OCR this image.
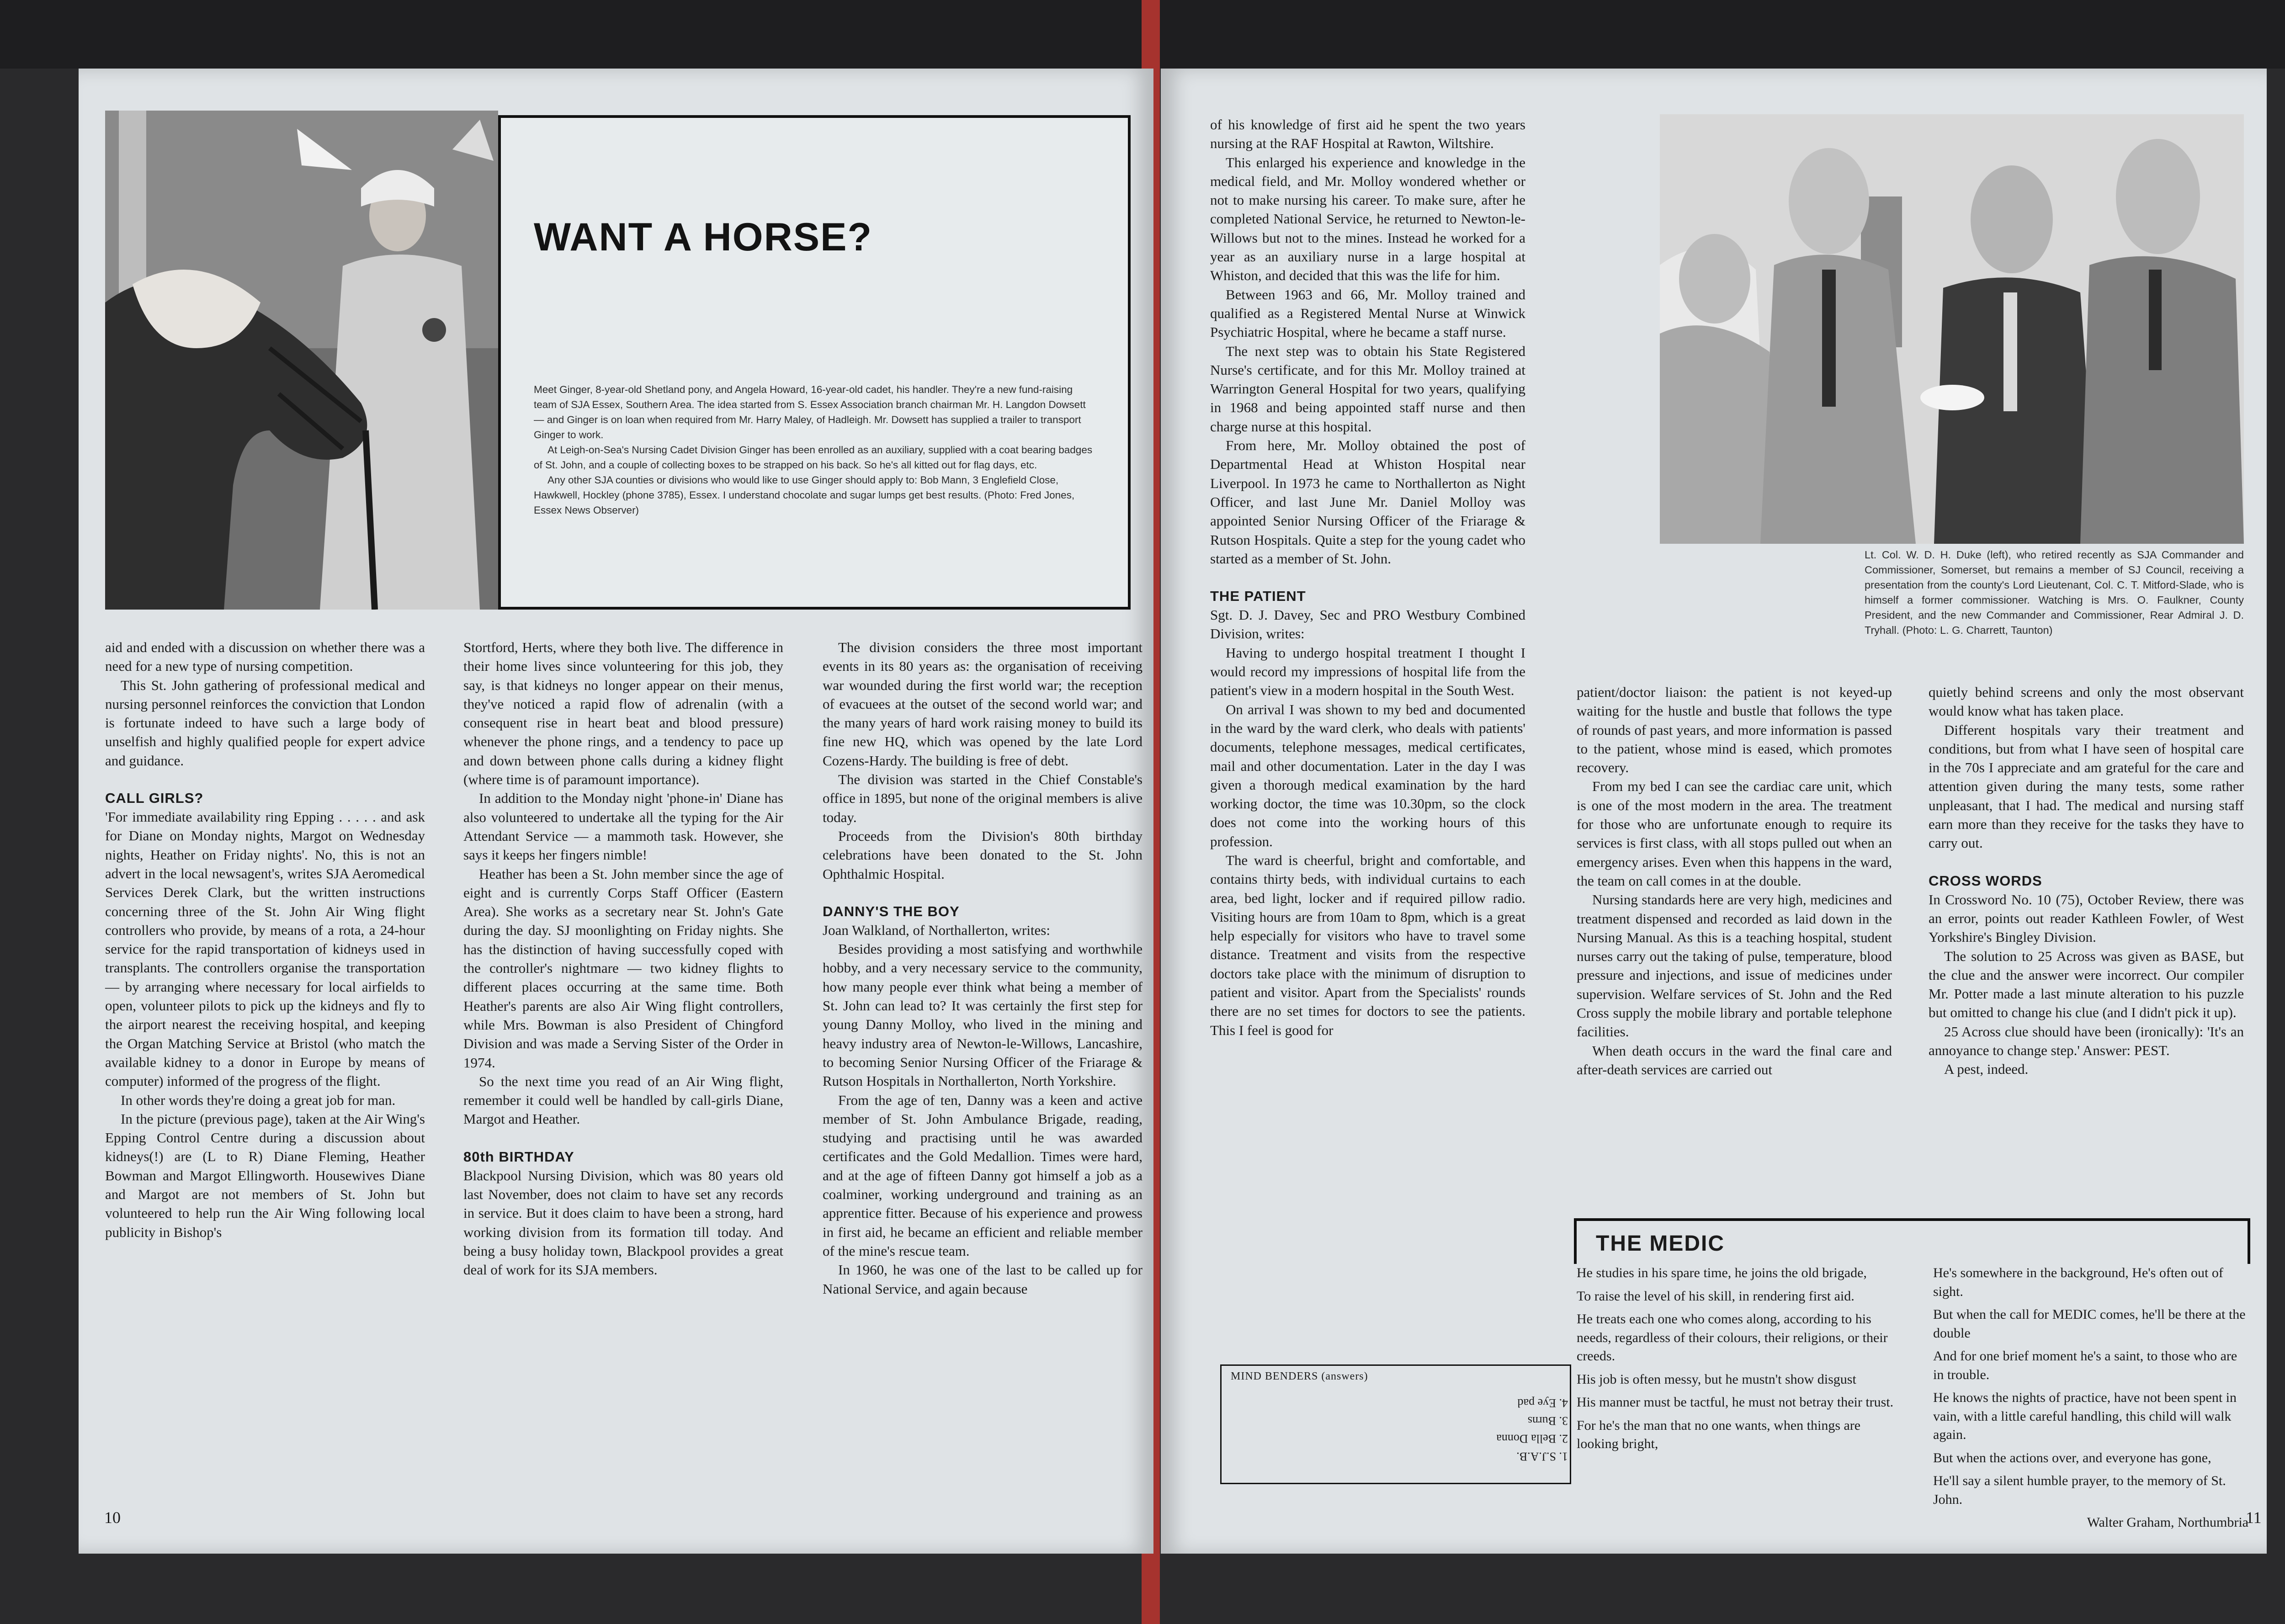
WANT A HORSE?

Meet Ginger, 8-year-old Shetland pony, and Angela Howard, 16-year-old cadet, his handler. They're a new fund-raising team of SJA Essex, Southern Area. The idea started from S. Essex Association branch chairman Mr. H. Langdon Dowsett — and Ginger is on loan when required from Mr. Harry Maley, of Hadleigh. Mr. Dowsett has supplied a trailer to transport Ginger to work.

At Leigh-on-Sea's Nursing Cadet Division Ginger has been enrolled as an auxiliary, supplied with a coat bearing badges of St. John, and a couple of collecting boxes to be strapped on his back. So he's all kitted out for flag days, etc.

Any other SJA counties or divisions who would like to use Ginger should apply to: Bob Mann, 3 Englefield Close, Hawkwell, Hockley (phone 3785), Essex. I understand chocolate and sugar lumps get best results. (Photo: Fred Jones, Essex News Observer)

aid and ended with a discussion on whether there was a need for a new type of nursing competition.

This St. John gathering of professional medical and nursing personnel reinforces the conviction that London is fortunate indeed to have such a large body of unselfish and highly qualified people for expert advice and guidance.

CALL GIRLS?

'For immediate availability ring Epping . . . . . and ask for Diane on Monday nights, Margot on Wednesday nights, Heather on Friday nights'. No, this is not an advert in the local newsagent's, writes SJA Aeromedical Services Derek Clark, but the written instructions concerning three of the St. John Air Wing flight controllers who provide, by means of a rota, a 24-hour service for the rapid transportation of kidneys used in transplants. The controllers organise the transportation — by arranging where necessary for local airfields to open, volunteer pilots to pick up the kidneys and fly to the airport nearest the receiving hospital, and keeping the Organ Matching Service at Bristol (who match the available kidney to a donor in Europe by means of computer) informed of the progress of the flight.

In other words they're doing a great job for man.

In the picture (previous page), taken at the Air Wing's Epping Control Centre during a discussion about kidneys(!) are (L to R) Diane Fleming, Heather Bowman and Margot Ellingworth. Housewives Diane and Margot are not members of St. John but volunteered to help run the Air Wing following local publicity in Bishop's

Stortford, Herts, where they both live. The difference in their home lives since volunteering for this job, they say, is that kidneys no longer appear on their menus, they've noticed a rapid flow of adrenalin (with a consequent rise in heart beat and blood pressure) whenever the phone rings, and a tendency to pace up and down between phone calls during a kidney flight (where time is of paramount importance).

In addition to the Monday night 'phone-in' Diane has also volunteered to undertake all the typing for the Air Attendant Service — a mammoth task. However, she says it keeps her fingers nimble!

Heather has been a St. John member since the age of eight and is currently Corps Staff Officer (Eastern Area). She works as a secretary near St. John's Gate during the day. SJ moonlighting on Friday nights. She has the distinction of having successfully coped with the controller's nightmare — two kidney flights to different places occurring at the same time. Both Heather's parents are also Air Wing flight controllers, while Mrs. Bowman is also President of Chingford Division and was made a Serving Sister of the Order in 1974.

So the next time you read of an Air Wing flight, remember it could well be handled by call-girls Diane, Margot and Heather.

80th BIRTHDAY

Blackpool Nursing Division, which was 80 years old last November, does not claim to have set any records in service. But it does claim to have been a strong, hard working division from its formation till today. And being a busy holiday town, Blackpool provides a great deal of work for its SJA members.

The division considers the three most important events in its 80 years as: the organisation of receiving war wounded during the first world war; the reception of evacuees at the outset of the second world war; and the many years of hard work raising money to build its fine new HQ, which was opened by the late Lord Cozens-Hardy. The building is free of debt.

The division was started in the Chief Constable's office in 1895, but none of the original members is alive today.

Proceeds from the Division's 80th birthday celebrations have been donated to the St. John Ophthalmic Hospital.

DANNY'S THE BOY

Joan Walkland, of Northallerton, writes:

Besides providing a most satisfying and worthwhile hobby, and a very necessary service to the community, how many people ever think what being a member of St. John can lead to? It was certainly the first step for young Danny Molloy, who lived in the mining and heavy industry area of Newton-le-Willows, Lancashire, to becoming Senior Nursing Officer of the Friarage & Rutson Hospitals in Northallerton, North Yorkshire.

From the age of ten, Danny was a keen and active member of St. John Ambulance Brigade, reading, studying and practising until he was awarded certificates and the Gold Medallion. Times were hard, and at the age of fifteen Danny got himself a job as a coalminer, working underground and training as an apprentice fitter. Because of his experience and prowess in first aid, he became an efficient and reliable member of the mine's rescue team.

In 1960, he was one of the last to be called up for National Service, and again because

10

of his knowledge of first aid he spent the two years nursing at the RAF Hospital at Rawton, Wiltshire.

This enlarged his experience and knowledge in the medical field, and Mr. Molloy wondered whether or not to make nursing his career. To make sure, after he completed National Service, he returned to Newton-le-Willows but not to the mines. Instead he worked for a year as an auxiliary nurse in a large hospital at Whiston, and decided that this was the life for him.

Between 1963 and 66, Mr. Molloy trained and qualified as a Registered Mental Nurse at Winwick Psychiatric Hospital, where he became a staff nurse.

The next step was to obtain his State Registered Nurse's certificate, and for this Mr. Molloy trained at Warrington General Hospital for two years, qualifying in 1968 and being appointed staff nurse and then charge nurse at this hospital.

From here, Mr. Molloy obtained the post of Departmental Head at Whiston Hospital near Liverpool. In 1973 he came to Northallerton as Night Officer, and last June Mr. Daniel Molloy was appointed Senior Nursing Officer of the Friarage & Rutson Hospitals. Quite a step for the young cadet who started as a member of St. John.

THE PATIENT

Sgt. D. J. Davey, Sec and PRO Westbury Combined Division, writes:

Having to undergo hospital treatment I thought I would record my impressions of hospital life from the patient's view in a modern hospital in the South West.

On arrival I was shown to my bed and documented in the ward by the ward clerk, who deals with patients' documents, telephone messages, medical certificates, mail and other documentation. Later in the day I was given a thorough medical examination by the hard working doctor, the time was 10.30pm, so the clock does not come into the working hours of this profession.

The ward is cheerful, bright and comfortable, and contains thirty beds, with individual curtains to each area, bed light, locker and if required pillow radio. Visiting hours are from 10am to 8pm, which is a great help especially for visitors who have to travel some distance. Treatment and visits from the respective doctors take place with the minimum of disruption to patient and visitor. Apart from the Specialists' rounds there are no set times for doctors to see the patients. This I feel is good for

Lt. Col. W. D. H. Duke (left), who retired recently as SJA Commander and Commissioner, Somerset, but remains a member of SJ Council, receiving a presentation from the county's Lord Lieutenant, Col. C. T. Mitford-Slade, who is himself a former commissioner. Watching is Mrs. O. Faulkner, County President, and the new Commander and Commissioner, Rear Admiral J. D. Tryhall. (Photo: L. G. Charrett, Taunton)

patient/doctor liaison: the patient is not keyed-up waiting for the hustle and bustle that follows the type of rounds of past years, and more information is passed to the patient, whose mind is eased, which promotes recovery.

From my bed I can see the cardiac care unit, which is one of the most modern in the area. The treatment for those who are unfortunate enough to require its services is first class, with all stops pulled out when an emergency arises. Even when this happens in the ward, the team on call comes in at the double.

Nursing standards here are very high, medicines and treatment dispensed and recorded as laid down in the Nursing Manual. As this is a teaching hospital, student nurses carry out the taking of pulse, temperature, blood pressure and injections, and issue of medicines under supervision. Welfare services of St. John and the Red Cross supply the mobile library and portable telephone facilities.

When death occurs in the ward the final care and after-death services are carried out

quietly behind screens and only the most observant would know what has taken place.

Different hospitals vary their treatment and conditions, but from what I have seen of hospital care in the 70s I appreciate and am grateful for the care and attention given during the many tests, some rather unpleasant, that I had. The medical and nursing staff earn more than they receive for the tasks they have to carry out.

CROSS WORDS

In Crossword No. 10 (75), October Review, there was an error, points out reader Kathleen Fowler, of West Yorkshire's Bingley Division.

The solution to 25 Across was given as BASE, but the clue and the answer were incorrect. Our compiler Mr. Potter made a last minute alteration to his puzzle but omitted to change his clue (and I didn't pick it up).

25 Across clue should have been (ironically): 'It's an annoyance to change step.' Answer: PEST.

A pest, indeed.

THE MEDIC
He studies in his spare time, he joins the old brigade,
To raise the level of his skill, in rendering first aid.
He treats each one who comes along, according to his needs, regardless of their colours, their religions, or their creeds.
His job is often messy, but he mustn't show disgust
His manner must be tactful, he must not betray their trust.
For he's the man that no one wants, when things are looking bright,
He's somewhere in the background, He's often out of sight.
But when the call for MEDIC comes, he'll be there at the double
And for one brief moment he's a saint, to those who are in trouble.
He knows the nights of practice, have not been spent in vain, with a little careful handling, this child will walk again.
But when the actions over, and everyone has gone,
He'll say a silent humble prayer, to the memory of St. John.
Walter Graham, Northumbria
MIND BENDERS (answers)
1. S.J.A.B.
2. Bella Donna
3. Burns
4. Eye pad
11
